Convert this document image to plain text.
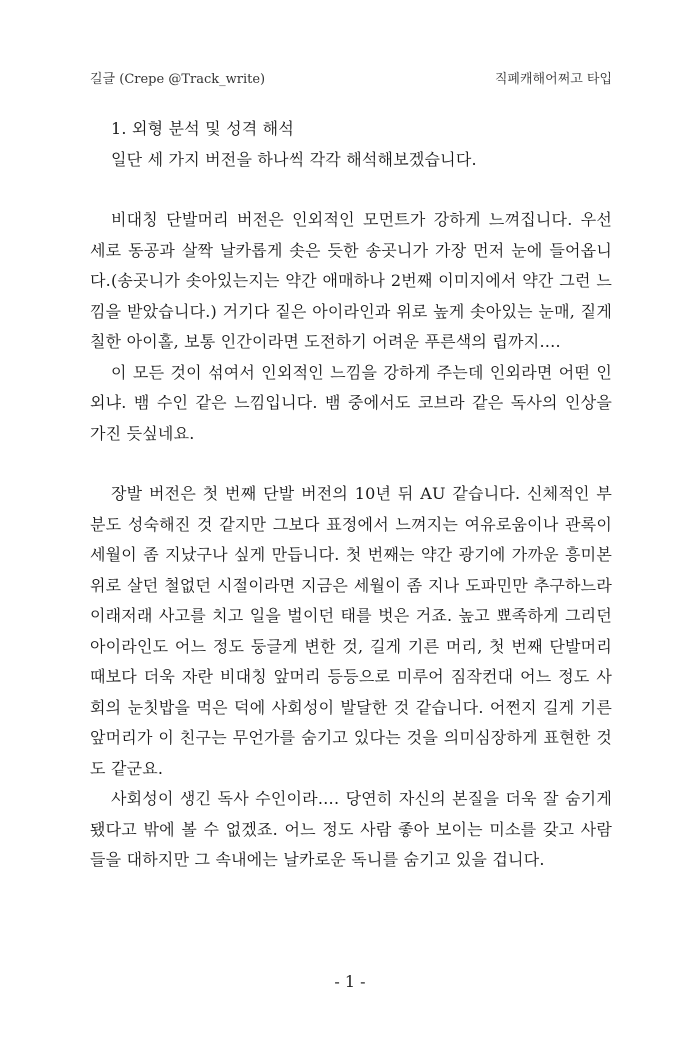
길글 (Crepe @Track_write)	직폐캐해어쩌고 타입

1. 외형 분석 및 성격 해석

일단 세 가지 버전을 하나씩 각각 해석해보겠습니다.

비대칭 단발머리 버전은 인외적인 모먼트가 강하게 느껴집니다. 우선 세로 동공과 살짝 날카롭게 솟은 듯한 송곳니가 가장 먼저 눈에 들어옵니다.(송곳니가 솟아있는지는 약간 애매하나 2번째 이미지에서 약간 그런 느낌을 받았습니다.) 거기다 짙은 아이라인과 위로 높게 솟아있는 눈매, 짙게 칠한 아이홀, 보통 인간이라면 도전하기 어려운 푸른색의 립까지….

이 모든 것이 섞여서 인외적인 느낌을 강하게 주는데 인외라면 어떤 인외냐. 뱀 수인 같은 느낌입니다. 뱀 중에서도 코브라 같은 독사의 인상을 가진 듯싶네요.

장발 버전은 첫 번째 단발 버전의 10년 뒤 AU 같습니다. 신체적인 부분도 성숙해진 것 같지만 그보다 표정에서 느껴지는 여유로움이나 관록이 세월이 좀 지났구나 싶게 만듭니다. 첫 번째는 약간 광기에 가까운 흥미본위로 살던 철없던 시절이라면 지금은 세월이 좀 지나 도파민만 추구하느라 이래저래 사고를 치고 일을 벌이던 태를 벗은 거죠. 높고 뾰족하게 그리던 아이라인도 어느 정도 둥글게 변한 것, 길게 기른 머리, 첫 번째 단발머리 때보다 더욱 자란 비대칭 앞머리 등등으로 미루어 짐작컨대 어느 정도 사회의 눈칫밥을 먹은 덕에 사회성이 발달한 것 같습니다. 어쩐지 길게 기른 앞머리가 이 친구는 무언가를 숨기고 있다는 것을 의미심장하게 표현한 것도 같군요.

사회성이 생긴 독사 수인이라…. 당연히 자신의 본질을 더욱 잘 숨기게 됐다고 밖에 볼 수 없겠죠. 어느 정도 사람 좋아 보이는 미소를 갖고 사람들을 대하지만 그 속내에는 날카로운 독니를 숨기고 있을 겁니다.

- 1 -
